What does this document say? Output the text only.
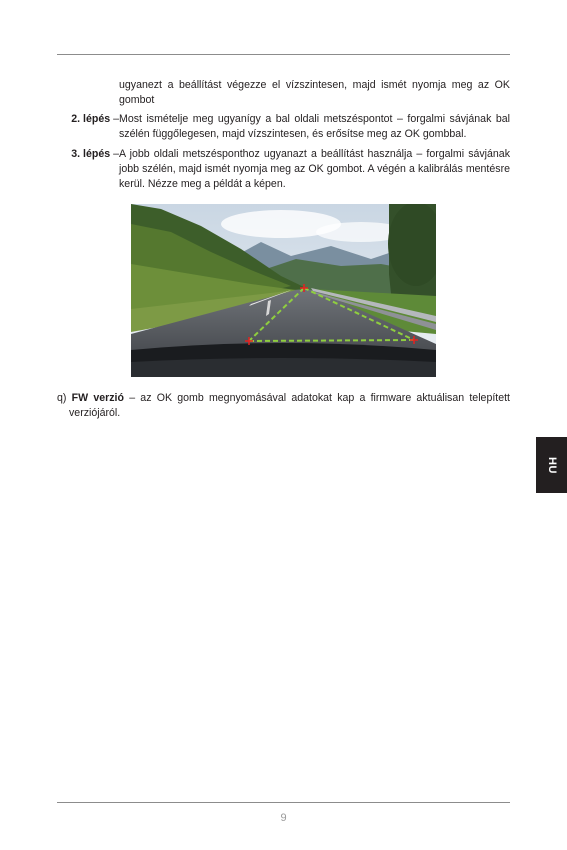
ugyanezt a beállítást végezze el vízszintesen, majd ismét nyomja meg az OK gombot

2. lépés – Most ismételje meg ugyanígy a bal oldali metszéspontot – forgalmi sávjának bal szélén függőlegesen, majd vízszintesen, és erősítse meg az OK gombbal.
3. lépés – A jobb oldali metszésponthoz ugyanazt a beállítást használja – forgalmi sávjának jobb szélén, majd ismét nyomja meg az OK gombot. A végén a kalibrálás mentésre kerül. Nézze meg a példát a képen.
q) FW verzió – az OK gomb megnyomásával adatokat kap a firmware aktuálisan telepített
verziójáról.
HU
9
